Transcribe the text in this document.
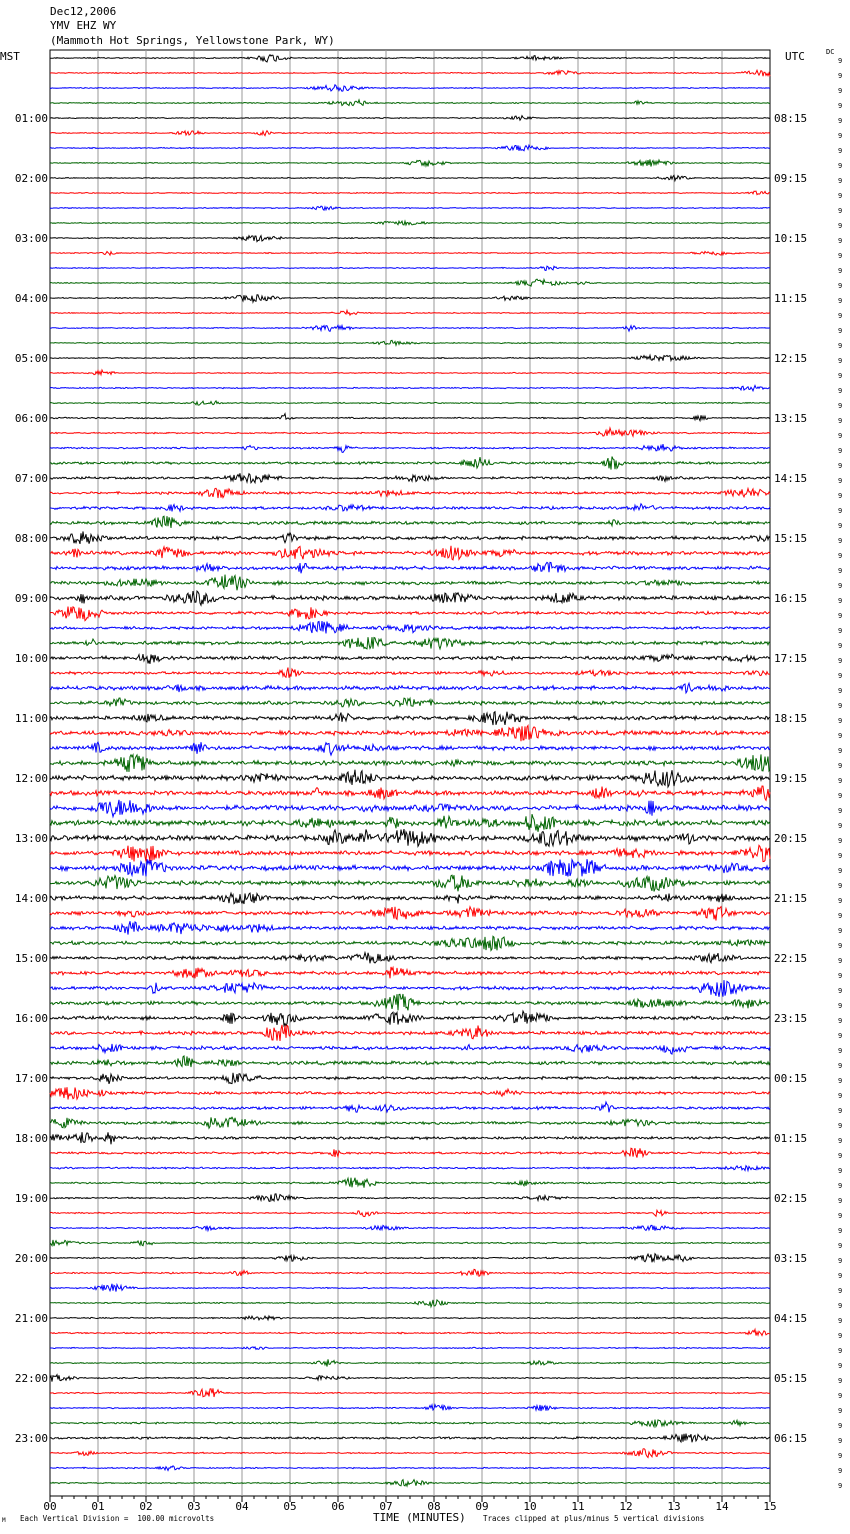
Dec12,2006
YMV EHZ WY
(Mammoth Hot Springs, Yellowstone Park, WY)
MST	UTC	DC
00	01	02	03	04	05	06	07	08	09	10	11	12	13	14	15
9
9
9
9
9
9
9
9
9
9
9
9
9
9
9
9
9
9
9
9
9
9
9
9
9
9
9
9
9
9
9
9
9
9
9
9
9
9
9
9
9
9
9
9
9
9
9
9
9
9
9
9
9
9
9
9
9
9
9
9
9
9
9
9
9
9
9
9
9
9
9
9
9
9
9
9
9
9
9
9
9
9
9
9
9
9
9
9
9
9
9
9
9
9
9
9
01:00
02:00
03:00
04:00
05:00
06:00
07:00
08:00
09:00
10:00
11:00
12:00
13:00
14:00
15:00
16:00
17:00
18:00
19:00
20:00
21:00
22:00
23:00
08:15
09:15
10:15
11:15
12:15
13:15
14:15
15:15
16:15
17:15
18:15
19:15
20:15
21:15
22:15
23:15
00:15
01:15
02:15
03:15
04:15
05:15
06:15
TIME (MINUTES)
Each Vertical Division =  100.00 microvolts	Traces clipped at plus/minus 5 vertical divisions
M
